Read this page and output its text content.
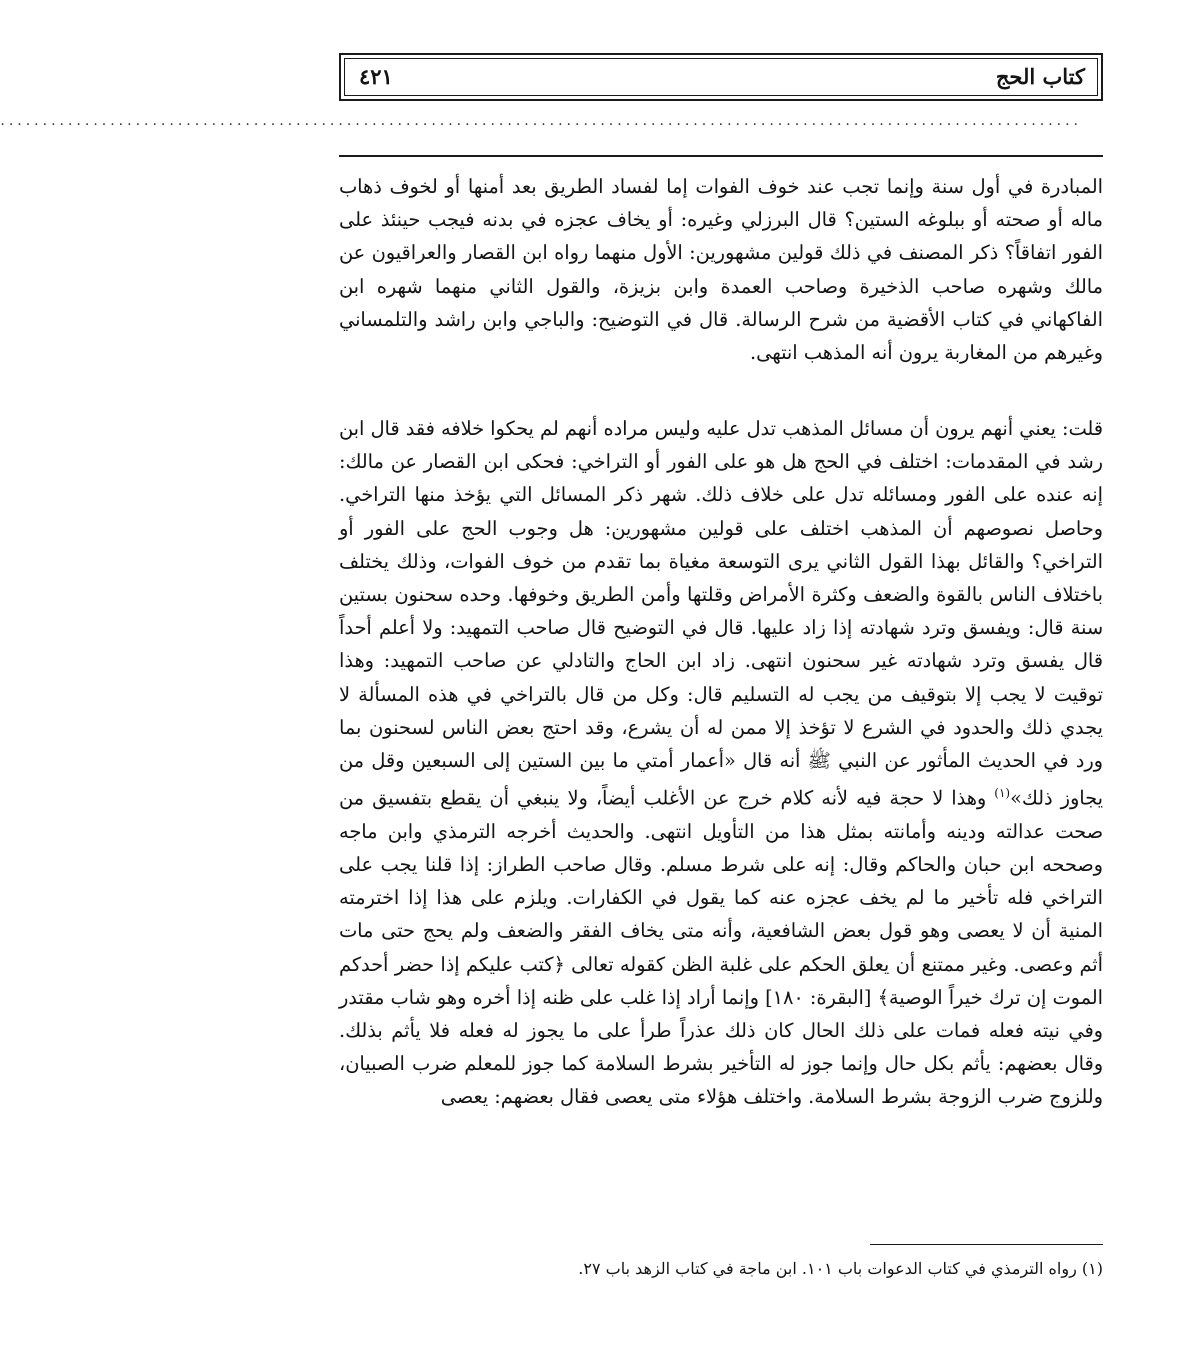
كتاب الحج
٤٢١
................................................................................................................................

المبادرة في أول سنة وإنما تجب عند خوف الفوات إما لفساد الطريق بعد أمنها أو لخوف ذهاب ماله أو صحته أو ببلوغه الستين؟ قال البرزلي وغيره: أو يخاف عجزه في بدنه فيجب حينئذ على الفور اتفاقاً؟ ذكر المصنف في ذلك قولين مشهورين: الأول منهما رواه ابن القصار والعراقيون عن مالك وشهره صاحب الذخيرة وصاحب العمدة وابن بزيزة، والقول الثاني منهما شهره ابن الفاكهاني في كتاب الأقضية من شرح الرسالة. قال في التوضيح: والباجي وابن راشد والتلمساني وغيرهم من المغاربة يرون أنه المذهب انتهى.

قلت: يعني أنهم يرون أن مسائل المذهب تدل عليه وليس مراده أنهم لم يحكوا خلافه فقد قال ابن رشد في المقدمات: اختلف في الحج هل هو على الفور أو التراخي: فحكى ابن القصار عن مالك: إنه عنده على الفور ومسائله تدل على خلاف ذلك. شهر ذكر المسائل التي يؤخذ منها التراخي. وحاصل نصوصهم أن المذهب اختلف على قولين مشهورين: هل وجوب الحج على الفور أو التراخي؟ والقائل بهذا القول الثاني يرى التوسعة مغياة بما تقدم من خوف الفوات، وذلك يختلف باختلاف الناس بالقوة والضعف وكثرة الأمراض وقلتها وأمن الطريق وخوفها. وحده سحنون بستين سنة قال: ويفسق وترد شهادته إذا زاد عليها. قال في التوضيح قال صاحب التمهيد: ولا أعلم أحداً قال يفسق وترد شهادته غير سحنون انتهى. زاد ابن الحاج والتادلي عن صاحب التمهيد: وهذا توقيت لا يجب إلا بتوقيف من يجب له التسليم قال: وكل من قال بالتراخي في هذه المسألة لا يجدي ذلك والحدود في الشرع لا تؤخذ إلا ممن له أن يشرع، وقد احتج بعض الناس لسحنون بما ورد في الحديث المأثور عن النبي ﷺ أنه قال «أعمار أمتي ما بين الستين إلى السبعين وقل من يجاوز ذلك»$^{(١)}$ وهذا لا حجة فيه لأنه كلام خرج عن الأغلب أيضاً، ولا ينبغي أن يقطع بتفسيق من صحت عدالته ودينه وأمانته بمثل هذا من التأويل انتهى. والحديث أخرجه الترمذي وابن ماجه وصححه ابن حبان والحاكم وقال: إنه على شرط مسلم. وقال صاحب الطراز: إذا قلنا يجب على التراخي فله تأخير ما لم يخف عجزه عنه كما يقول في الكفارات. ويلزم على هذا إذا اخترمته المنية أن لا يعصى وهو قول بعض الشافعية، وأنه متى يخاف الفقر والضعف ولم يحج حتى مات أثم وعصى. وغير ممتنع أن يعلق الحكم على غلبة الظن كقوله تعالى ﴿كتب عليكم إذا حضر أحدكم الموت إن ترك خيراً الوصية﴾ [البقرة: ١٨٠] وإنما أراد إذا غلب على ظنه إذا أخره وهو شاب مقتدر وفي نيته فعله فمات على ذلك الحال كان ذلك عذراً طرأ على ما يجوز له فعله فلا يأثم بذلك. وقال بعضهم: يأثم بكل حال وإنما جوز له التأخير بشرط السلامة كما جوز للمعلم ضرب الصبيان، وللزوج ضرب الزوجة بشرط السلامة. واختلف هؤلاء متى يعصى فقال بعضهم: يعصى

(١) رواه الترمذي في كتاب الدعوات باب ١٠١. ابن ماجة في كتاب الزهد باب ٢٧.
